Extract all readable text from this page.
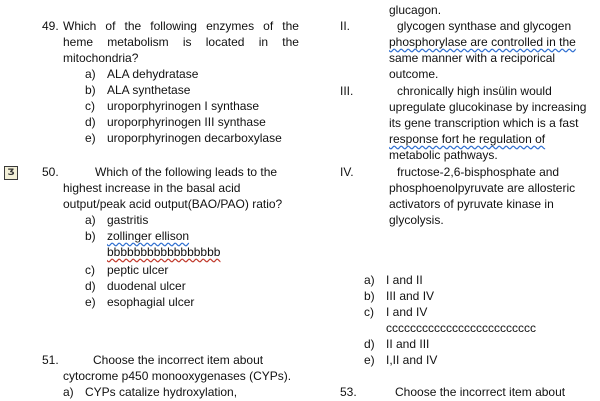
49. Which of the following enzymes of the
heme metabolism is located in the
mitochondria?
a) ALA dehydratase
b) ALA synthetase
c) uroporphyrinogen I synthase
d) uroporphyrinogen III synthase
e) uroporphyrinogen decarboxylase
Ʒ 50.	Which of the following leads to the
highest increase in the basal acid
output/peak acid output(BAO/PAO) ratio?
a) gastritis
b) zollinger ellison
bbbbbbbbbbbbbbbbb
c) peptic ulcer
d) duodenal ulcer
e) esophagial ulcer
51.	Choose the incorrect item about
cytocrome p450 monooxygenases (CYPs).
a) CYPs catalize hydroxylation,
glucagon.
II.	glycogen synthase and glycogen
phosphorylase are controlled in the
same manner with a reciporical
outcome.
III.	chronically high insülin would
upregulate glucokinase by increasing
its gene transcription which is a fast
response fort he regulation of
metabolic pathways.
IV.	fructose-2,6-bisphosphate and
phosphoenolpyruvate are allosteric
activators of pyruvate kinase in
glycolysis.
a) I and II
b) III and IV
c) I and IV
ccccccccccccccccccccccccc
d) II and III
e) I,II and IV
53.	Choose the incorrect item about
